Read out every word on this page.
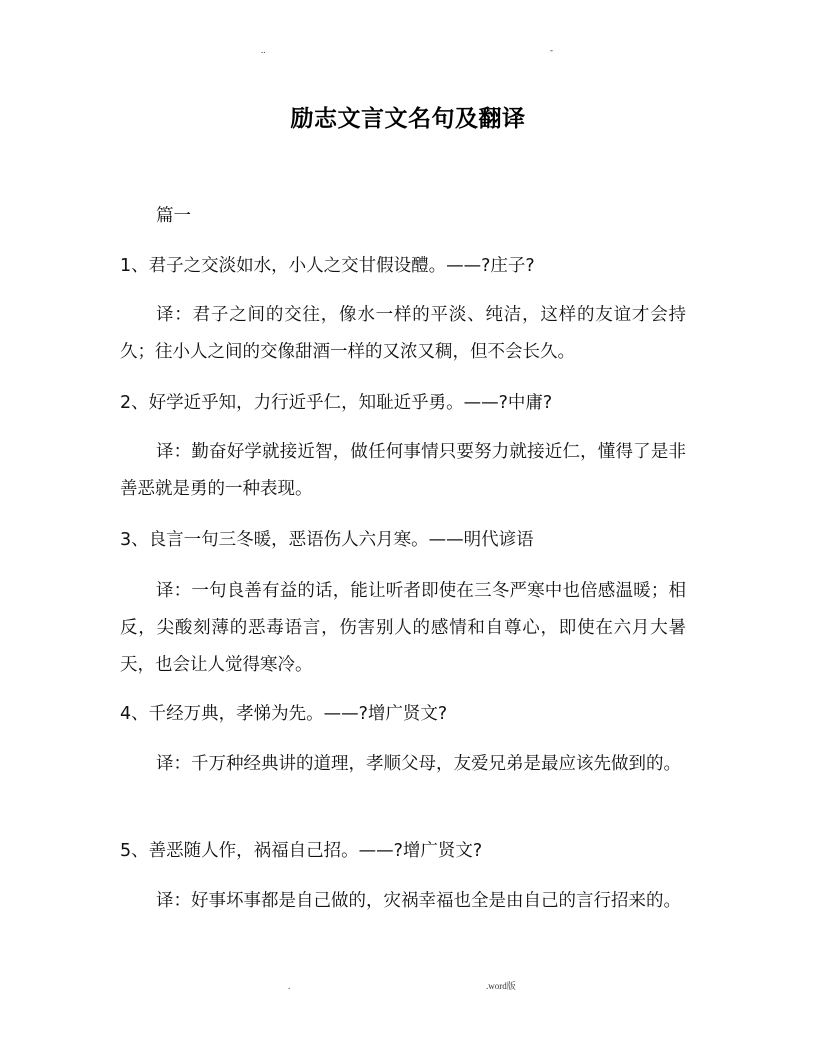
..	-
励志文言文名句及翻译
篇一
1、君子之交淡如水，小人之交甘假设醴。——?庄子?
译：君子之间的交往，像水一样的平淡、纯洁，这样的友谊才会持久；往小人之间的交像甜酒一样的又浓又稠，但不会长久。
2、好学近乎知，力行近乎仁，知耻近乎勇。——?中庸?
译：勤奋好学就接近智，做任何事情只要努力就接近仁，懂得了是非善恶就是勇的一种表现。
3、良言一句三冬暖，恶语伤人六月寒。——明代谚语
译：一句良善有益的话，能让听者即使在三冬严寒中也倍感温暖；相反，尖酸刻薄的恶毒语言，伤害别人的感情和自尊心，即使在六月大暑天，也会让人觉得寒冷。
4、千经万典，孝悌为先。——?增广贤文?
译：千万种经典讲的道理，孝顺父母，友爱兄弟是最应该先做到的。
5、善恶随人作，祸福自己招。——?增广贤文?
译：好事坏事都是自己做的，灾祸幸福也全是由自己的言行招来的。
.	.word版
